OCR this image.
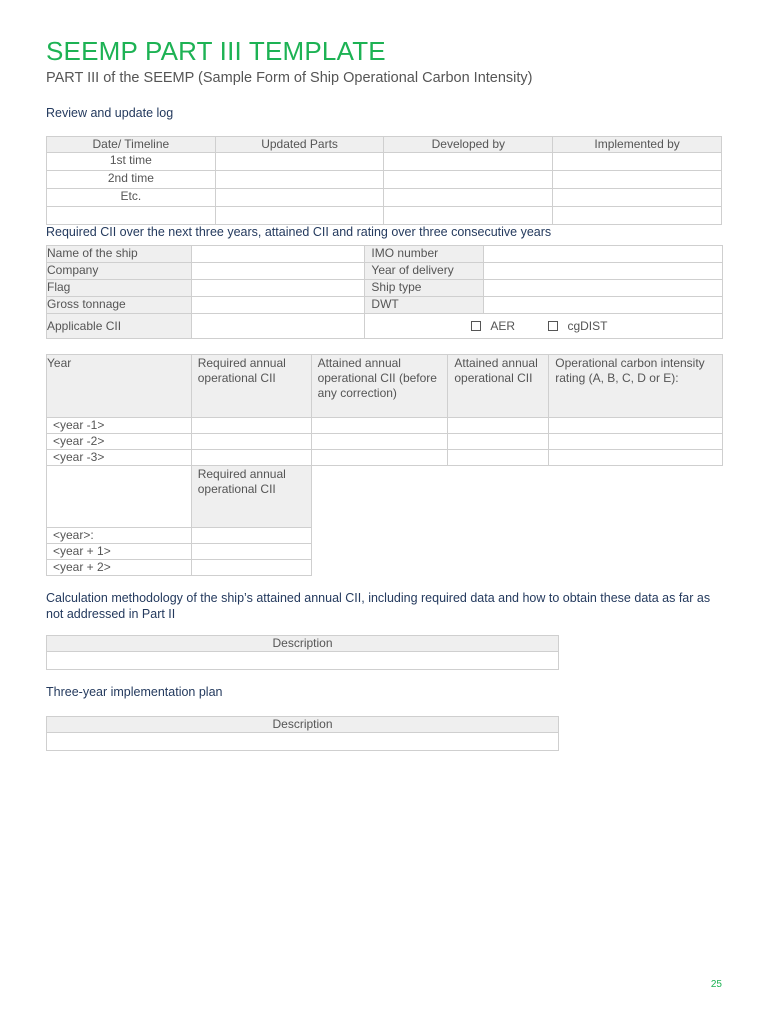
SEEMP PART III TEMPLATE
PART III of the SEEMP (Sample Form of Ship Operational Carbon Intensity)
Review and update log
Date/ Timeline	Updated Parts	Developed by	Implemented by
1st time			
2nd time			
Etc.			

Required CII over the next three years, attained CII and rating over three consecutive years
Name of the ship		IMO number	
Company		Year of delivery	
Flag		Ship type	
Gross tonnage		DWT	
Applicable CII		AER cgDIST	
Year	Required annual operational CII	Attained annual operational CII (before any correction)	Attained annual operational CII	Operational carbon intensity rating (A, B, C, D or E):
<year -1>				
<year -2>				
<year -3>				
	Required annual operational CII			
<year>:				
<year + 1>				
<year + 2>				
Calculation methodology of the ship’s attained annual CII, including required data and how to obtain these data as far as not addressed in Part II
Description

Three-year implementation plan
Description

25
